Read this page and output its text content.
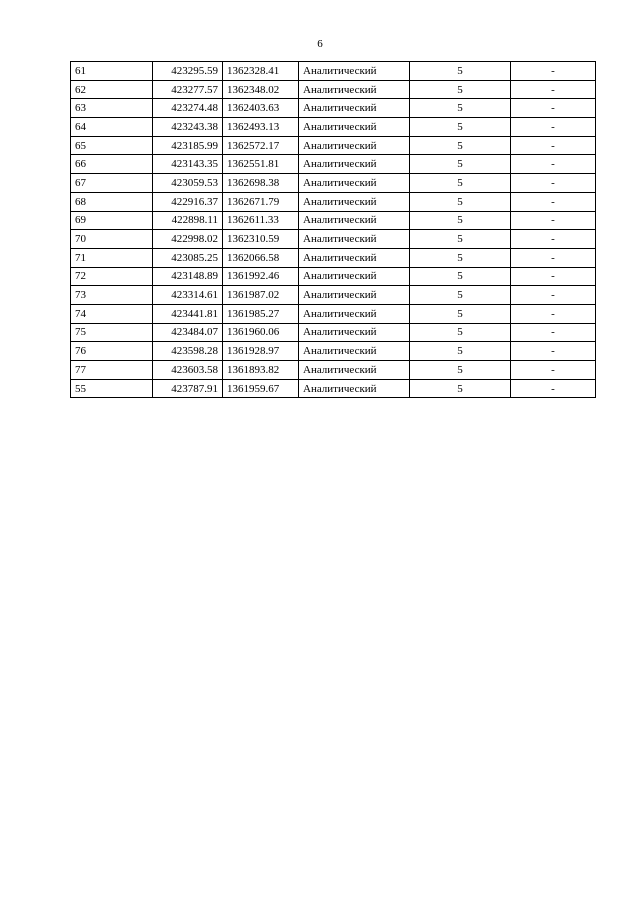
6
61	423295.59	1362328.41	Аналитический	5	-
62	423277.57	1362348.02	Аналитический	5	-
63	423274.48	1362403.63	Аналитический	5	-
64	423243.38	1362493.13	Аналитический	5	-
65	423185.99	1362572.17	Аналитический	5	-
66	423143.35	1362551.81	Аналитический	5	-
67	423059.53	1362698.38	Аналитический	5	-
68	422916.37	1362671.79	Аналитический	5	-
69	422898.11	1362611.33	Аналитический	5	-
70	422998.02	1362310.59	Аналитический	5	-
71	423085.25	1362066.58	Аналитический	5	-
72	423148.89	1361992.46	Аналитический	5	-
73	423314.61	1361987.02	Аналитический	5	-
74	423441.81	1361985.27	Аналитический	5	-
75	423484.07	1361960.06	Аналитический	5	-
76	423598.28	1361928.97	Аналитический	5	-
77	423603.58	1361893.82	Аналитический	5	-
55	423787.91	1361959.67	Аналитический	5	-
